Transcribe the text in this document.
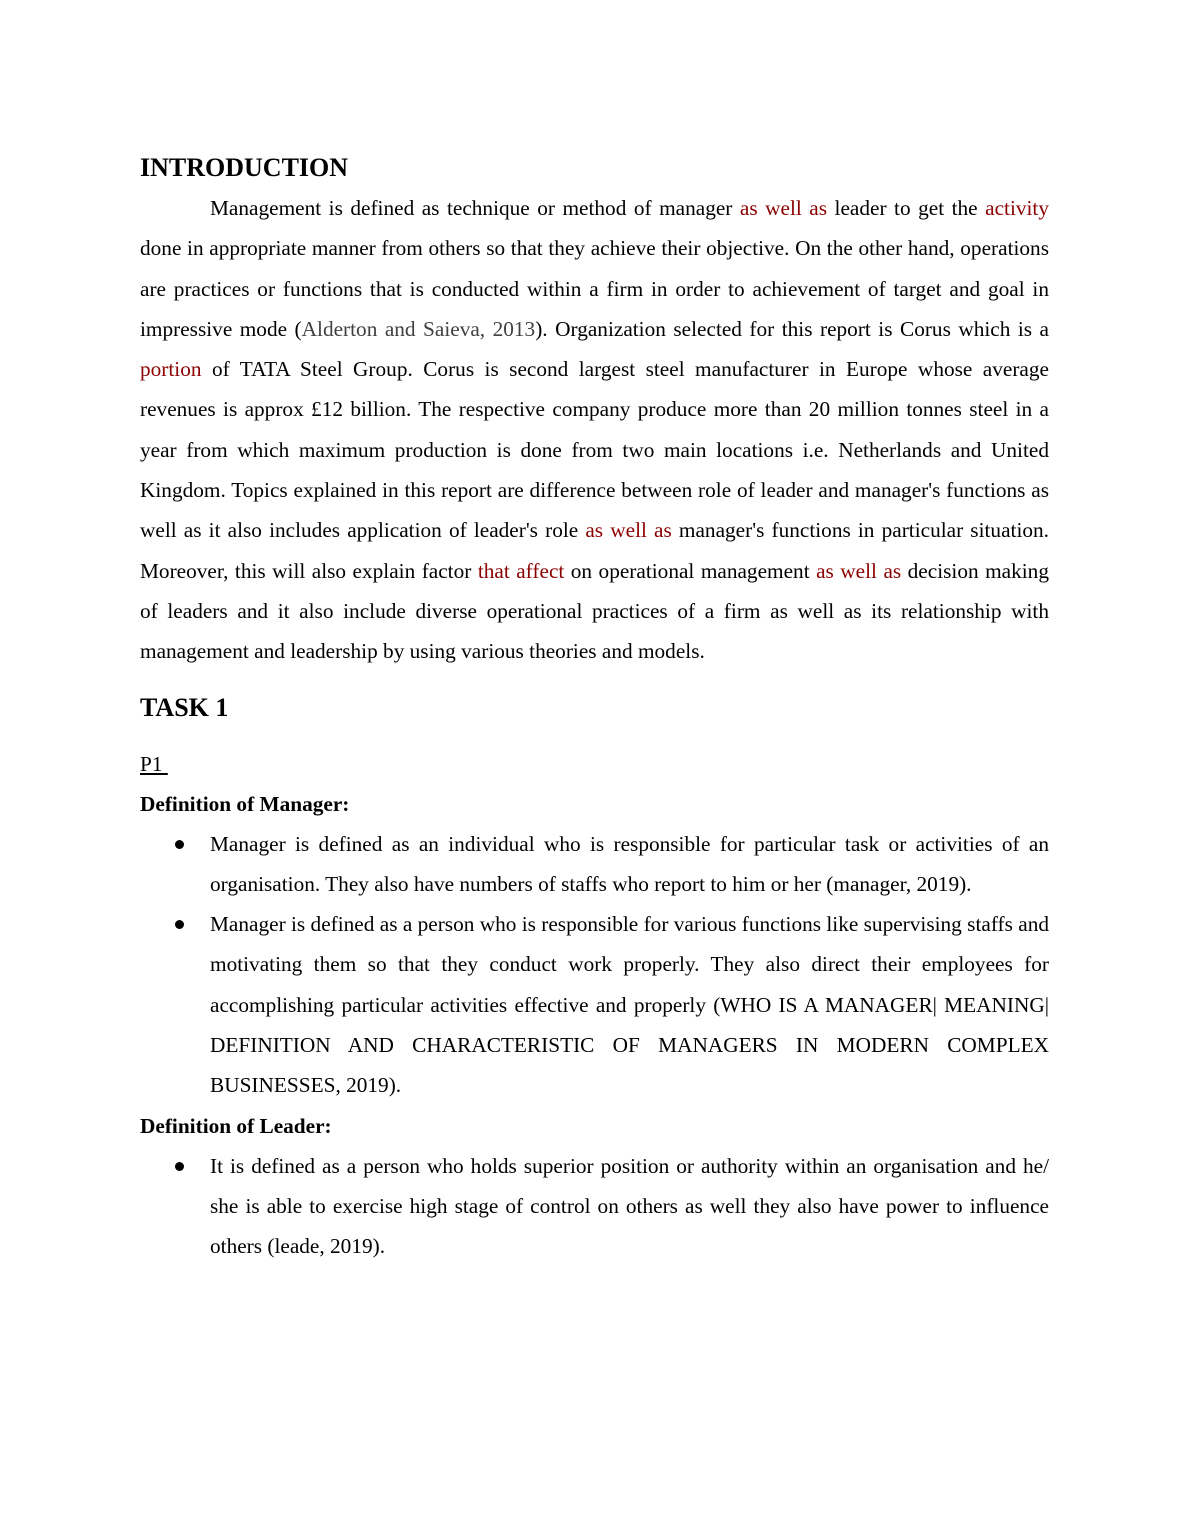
INTRODUCTION

Management is defined as technique or method of manager as well as leader to get the activity done in appropriate manner from others so that they achieve their objective. On the other hand, operations are practices or functions that is conducted within a firm in order to achievement of target and goal in impressive mode (Alderton and Saieva, 2013). Organization selected for this report is Corus which is a portion of TATA Steel Group. Corus is second largest steel manufacturer in Europe whose average revenues is approx £12 billion. The respective company produce more than 20 million tonnes steel in a year from which maximum production is done from two main locations i.e. Netherlands and United Kingdom. Topics explained in this report are difference between role of leader and manager's functions as well as it also includes application of leader's role as well as manager's functions in particular situation. Moreover, this will also explain factor that affect on operational management as well as decision making of leaders and it also include diverse operational practices of a firm as well as its relationship with management and leadership by using various theories and models.

TASK 1
P1

Definition of Manager:

Manager is defined as an individual who is responsible for particular task or activities of an organisation. They also have numbers of staffs who report to him or her (manager, 2019).
Manager is defined as a person who is responsible for various functions like supervising staffs and motivating them so that they conduct work properly. They also direct their employees for accomplishing particular activities effective and properly (WHO IS A MANAGER| MEANING| DEFINITION AND CHARACTERISTIC OF MANAGERS IN MODERN COMPLEX BUSINESSES, 2019).

Definition of Leader:

It is defined as a person who holds superior position or authority within an organisation and he/ she is able to exercise high stage of control on others as well they also have power to influence others (leade, 2019).
